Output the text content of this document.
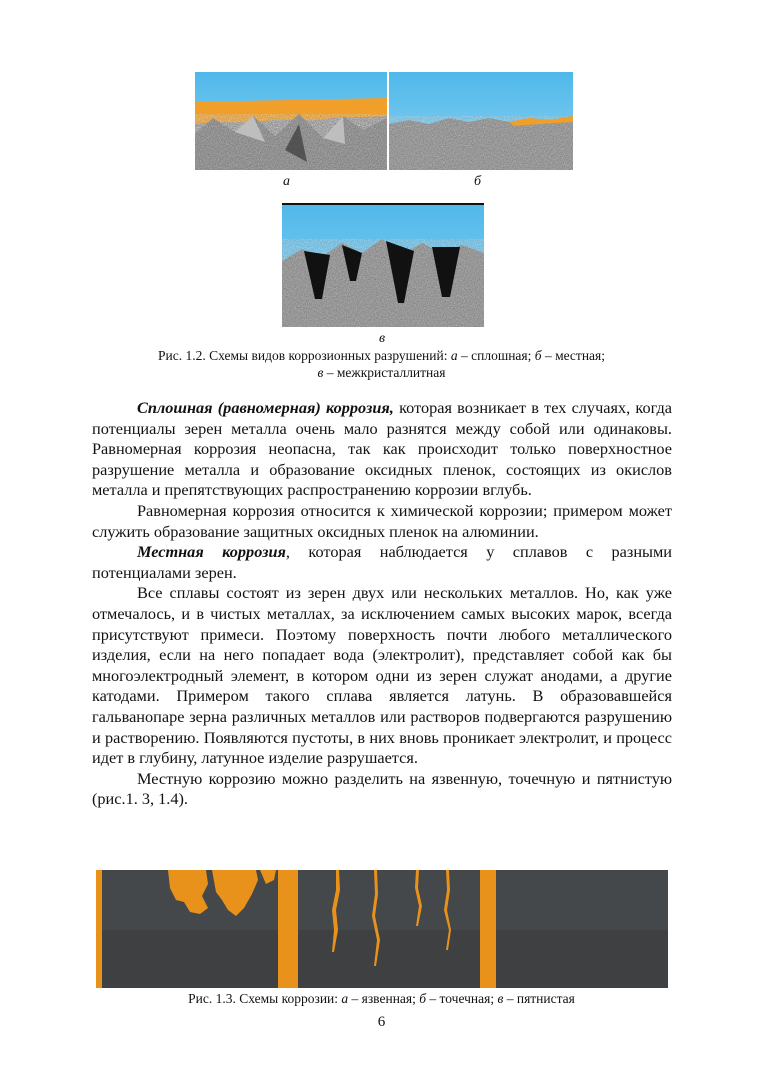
а	б
в
Рис. 1.2. Схемы видов коррозионных разрушений: а – сплошная; б – местная;
в – межкристаллитная

Сплошная (равномерная) коррозия, которая возникает в тех случаях, когда потенциалы зерен металла очень мало разнятся между собой или одинаковы. Равномерная коррозия неопасна, так как происходит только поверхностное разрушение металла и образование оксидных пленок, состоящих из окислов металла и препятствующих распространению коррозии вглубь.

Равномерная коррозия относится к химической коррозии; примером может служить образование защитных оксидных пленок на алюминии.

Местная коррозия, которая наблюдается у сплавов с разными потенциалами зерен.

Все сплавы состоят из зерен двух или нескольких металлов. Но, как уже отмечалось, и в чистых металлах, за исключением самых высоких марок, всегда присутствуют примеси. Поэтому поверхность почти любого металлического изделия, если на него попадает вода (электролит), представляет собой как бы многоэлектродный элемент, в котором одни из зерен служат анодами, а другие катодами. Примером такого сплава является латунь. В образовавшейся гальванопаре зерна различных металлов или растворов подвергаются разрушению и растворению. Появляются пустоты, в них вновь проникает электролит, и процесс идет в глубину, латунное изделие разрушается.

Местную коррозию можно разделить на язвенную, точечную и пятнистую (рис.1. 3, 1.4).

Рис. 1.3. Схемы коррозии: а – язвенная; б – точечная; в – пятнистая
6
